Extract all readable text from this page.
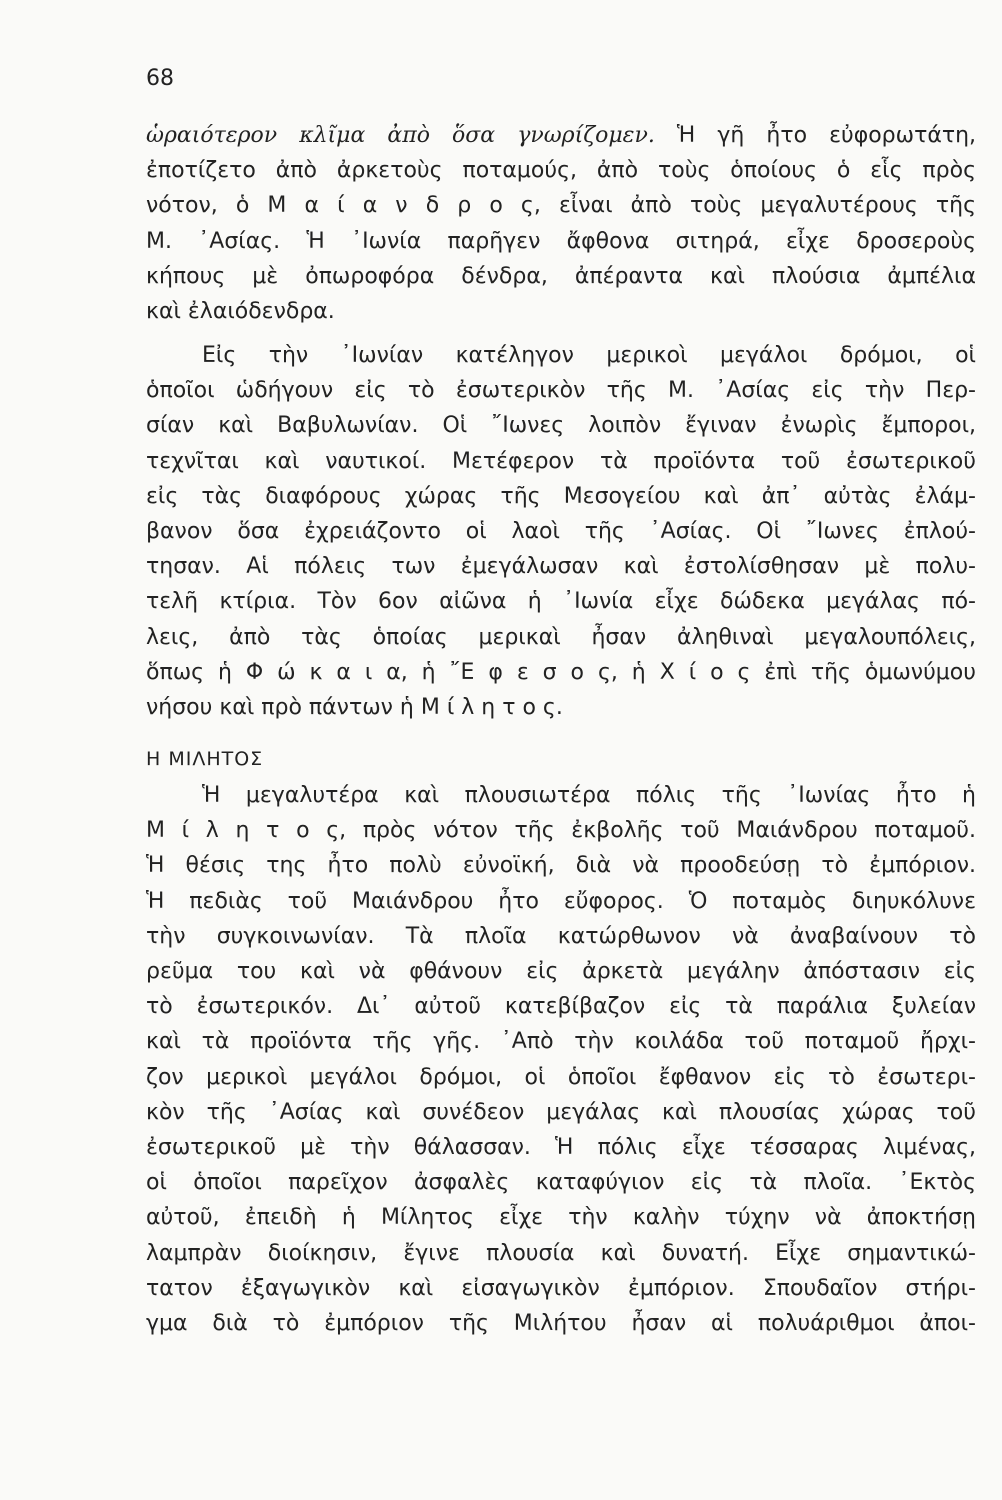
68
ὡραιότερον κλῖμα ἀπὸ ὅσα γνωρίζομεν. Ἡ γῆ ἦτο εὐφορωτάτη,
ἐποτίζετο ἀπὸ ἀρκετοὺς ποταμούς, ἀπὸ τοὺς ὁποίους ὁ εἷς πρὸς
νότον, ὁ Μ α ί α ν δ ρ ο ς, εἶναι ἀπὸ τοὺς μεγαλυτέρους τῆς
Μ. ᾿Ασίας. Ἡ ᾿Ιωνία παρῆγεν ἄφθονα σιτηρά, εἶχε δροσεροὺς
κήπους μὲ ὀπωροφόρα δένδρα, ἀπέραντα καὶ πλούσια ἀμπέλια
καὶ ἐλαιόδενδρα.
Εἰς τὴν ᾿Ιωνίαν κατέληγον μερικοὶ μεγάλοι δρόμοι, οἱ
ὁποῖοι ὡδήγουν εἰς τὸ ἐσωτερικὸν τῆς Μ. ᾿Ασίας εἰς τὴν Περ-
σίαν καὶ Βαβυλωνίαν. Οἱ ῎Ιωνες λοιπὸν ἔγιναν ἐνωρὶς ἔμποροι,
τεχνῖται καὶ ναυτικοί. Μετέφερον τὰ προϊόντα τοῦ ἐσωτερικοῦ
εἰς τὰς διαφόρους χώρας τῆς Μεσογείου καὶ ἀπ᾿ αὐτὰς ἐλάμ-
βανον ὅσα ἐχρειάζοντο οἱ λαοὶ τῆς ᾿Ασίας. Οἱ ῎Ιωνες ἐπλού-
τησαν. Αἱ πόλεις των ἐμεγάλωσαν καὶ ἐστολίσθησαν μὲ πολυ-
τελῆ κτίρια. Τὸν 6ον αἰῶνα ἡ ᾿Ιωνία εἶχε δώδεκα μεγάλας πό-
λεις, ἀπὸ τὰς ὁποίας μερικαὶ ἦσαν ἀληθιναὶ μεγαλουπόλεις,
ὅπως ἡ Φ ώ κ α ι α, ἡ ῎Ε φ ε σ ο ς, ἡ Χ ί ο ς ἐπὶ τῆς ὁμωνύμου
νήσου καὶ πρὸ πάντων ἡ Μ ί λ η τ ο ς.
Η ΜΙΛΗΤΟΣ
Ἡ μεγαλυτέρα καὶ πλουσιωτέρα πόλις τῆς ᾿Ιωνίας ἦτο ἡ
Μ ί λ η τ ο ς, πρὸς νότον τῆς ἐκβολῆς τοῦ Μαιάνδρου ποταμοῦ.
Ἡ θέσις της ἦτο πολὺ εὐνοϊκή, διὰ νὰ προοδεύσῃ τὸ ἐμπόριον.
Ἡ πεδιὰς τοῦ Μαιάνδρου ἦτο εὔφορος. Ὁ ποταμὸς διηυκόλυνε
τὴν συγκοινωνίαν. Τὰ πλοῖα κατώρθωνον νὰ ἀναβαίνουν τὸ
ρεῦμα του καὶ νὰ φθάνουν εἰς ἀρκετὰ μεγάλην ἀπόστασιν εἰς
τὸ ἐσωτερικόν. Δι᾿ αὐτοῦ κατεβίβαζον εἰς τὰ παράλια ξυλείαν
καὶ τὰ προϊόντα τῆς γῆς. ᾿Απὸ τὴν κοιλάδα τοῦ ποταμοῦ ἤρχι-
ζον μερικοὶ μεγάλοι δρόμοι, οἱ ὁποῖοι ἔφθανον εἰς τὸ ἐσωτερι-
κὸν τῆς ᾿Ασίας καὶ συνέδεον μεγάλας καὶ πλουσίας χώρας τοῦ
ἐσωτερικοῦ μὲ τὴν θάλασσαν. Ἡ πόλις εἶχε τέσσαρας λιμένας,
οἱ ὁποῖοι παρεῖχον ἀσφαλὲς καταφύγιον εἰς τὰ πλοῖα. ᾿Εκτὸς
αὐτοῦ, ἐπειδὴ ἡ Μίλητος εἶχε τὴν καλὴν τύχην νὰ ἀποκτήσῃ
λαμπρὰν διοίκησιν, ἔγινε πλουσία καὶ δυνατή. Εἶχε σημαντικώ-
τατον ἐξαγωγικὸν καὶ εἰσαγωγικὸν ἐμπόριον. Σπουδαῖον στήρι-
γμα διὰ τὸ ἐμπόριον τῆς Μιλήτου ἦσαν αἱ πολυάριθμοι ἀποι-
